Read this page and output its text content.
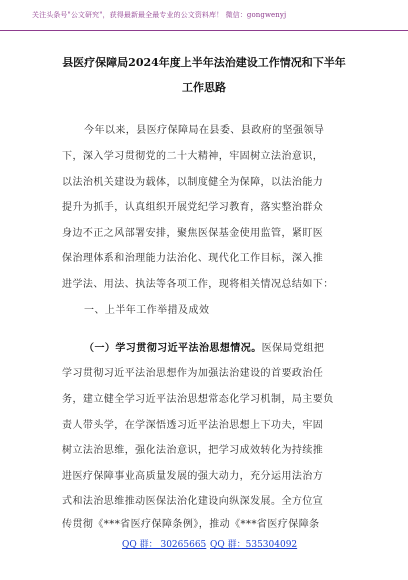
关注头条号"公文研究"，获得最新最全最专业的公文资料库！ 微信：gongwenyj
县医疗保障局2024年度上半年法治建设工作情况和下半年
工作思路
今年以来，县医疗保障局在县委、县政府的坚强领导
下，深入学习贯彻党的二十大精神，牢固树立法治意识，
以法治机关建设为载体，以制度健全为保障，以法治能力
提升为抓手，认真组织开展党纪学习教育，落实整治群众
身边不正之风部署安排，聚焦医保基金使用监管，紧盯医
保治理体系和治理能力法治化、现代化工作目标，深入推
进学法、用法、执法等各项工作，现将相关情况总结如下：
一、上半年工作举措及成效
（一）学习贯彻习近平法治思想情况。医保局党组把
学习贯彻习近平法治思想作为加强法治建设的首要政治任
务，建立健全学习近平法治思想常态化学习机制，局主要负
责人带头学，在学深悟透习近平法治思想上下功夫，牢固
树立法治思维，强化法治意识，把学习成效转化为持续推
进医疗保障事业高质量发展的强大动力，充分运用法治方
式和法治思维推动医保法治化建设向纵深发展。全方位宣
传贯彻《***省医疗保障条例》，推动《***省医疗保障条
QQ 群： 30265665 QQ 群：535304092
